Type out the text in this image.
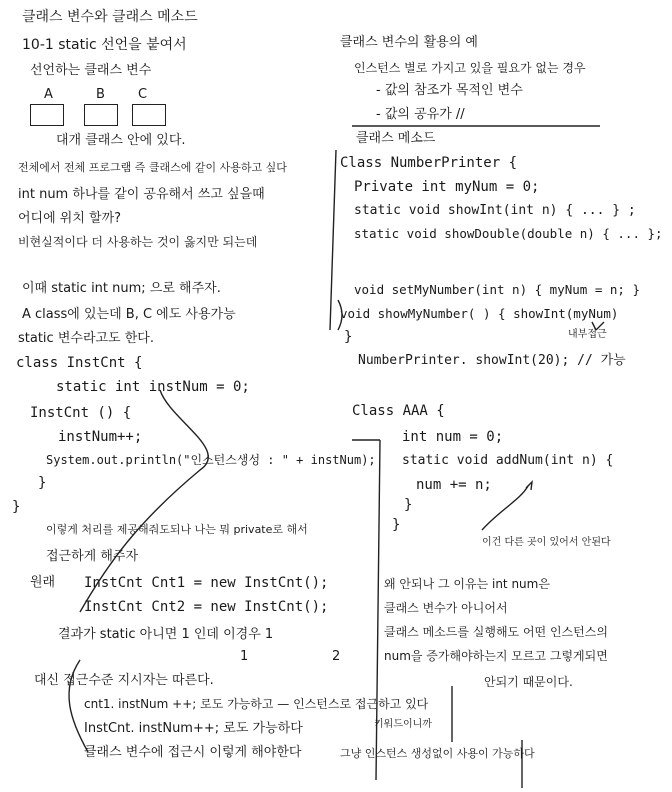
클래스 변수와 클래스 메소드
10-1 static 선언을 붙여서
선언하는 클래스 변수
A	B	C
대개 클래스 안에 있다.
전체에서 전체 프로그램 즉 클래스에 같이 사용하고 싶다
int num 하나를 같이 공유해서 쓰고 싶을때
어디에 위치 할까?
비현실적이다 더 사용하는 것이 옳지만 되는데
이때 static int num; 으로 해주자.
A class에 있는데 B, C 에도 사용가능
static 변수라고도 한다.
class InstCnt {
static int instNum = 0;
InstCnt () {
instNum++;
System.out.println("인스턴스생성 : " + instNum);
}
}
이렇게 처리를 제공해줘도되나 나는 뭐 private로 해서
접근하게 해주자
원래 InstCnt Cnt1 = new InstCnt();
InstCnt Cnt2 = new InstCnt();
결과가 static 아니면 1 인데 이경우 1
1	2
대신 접근수준 지시자는 따른다.
cnt1. instNum ++; 로도 가능하고 — 인스턴스로 접근하고 있다
키워드이니까
InstCnt. instNum++; 로도 가능하다
클래스 변수에 접근시 이렇게 해야한다
클래스 변수의 활용의 예
인스턴스 별로 가지고 있을 필요가 없는 경우
- 값의 참조가 목적인 변수
- 값의 공유가 //
클래스 메소드
Class NumberPrinter {
Private int myNum = 0;
static void showInt(int n) { ... } ;
static void showDouble(double n) { ... };
void setMyNumber(int n) { myNum = n; }
void showMyNumber( ) { showInt(myNum)
내부접근
}
NumberPrinter. showInt(20); // 가능
Class AAA {
int num = 0;
static void addNum(int n) {
num += n;
}
}
이건 다른 곳이 있어서 안된다
왜 안되나 그 이유는 int num은
클래스 변수가 아니어서
클래스 메소드를 실행해도 어떤 인스턴스의
num을 증가해야하는지 모르고 그렇게되면
안되기 때문이다.
그냥 인스턴스 생성없이 사용이 가능하다
